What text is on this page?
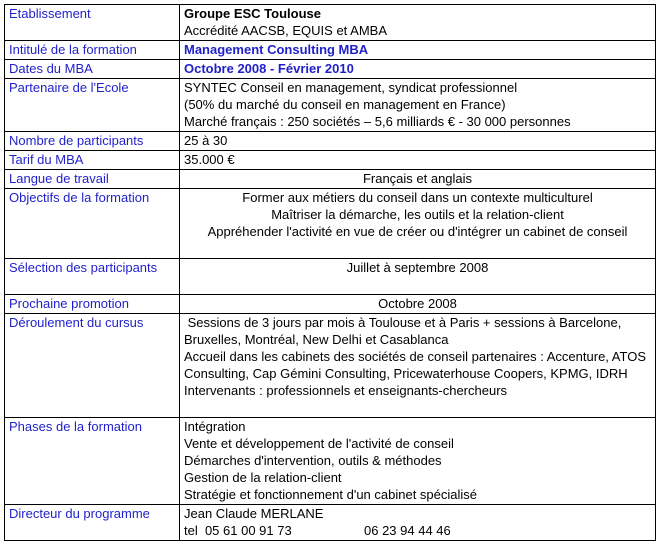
Etablissement	Groupe ESC Toulouse
Accrédité AACSB, EQUIS et AMBA

Intitulé de la formation	Management Consulting MBA
Dates du MBA	Octobre 2008 - Février 2010
Partenaire de l'Ecole	SYNTEC Conseil en management, syndicat professionnel
(50% du marché du conseil en management en France)
Marché français : 250 sociétés – 5,6 milliards € - 30 000 personnes

Nombre de participants	25 à 30
Tarif du MBA	35.000 €
Langue de travail	Français et anglais
Objectifs de la formation	Former aux métiers du conseil dans un contexte multiculturel
Maîtriser la démarche, les outils et la relation-client
Appréhender l'activité en vue de créer ou d'intégrer un cabinet de conseil

Sélection des participants	Juillet à septembre 2008
Prochaine promotion	Octobre 2008
Déroulement du cursus	Sessions de 3 jours par mois à Toulouse et à Paris + sessions à Barcelone, Bruxelles, Montréal, New Delhi et Casablanca
Accueil dans les cabinets des sociétés de conseil partenaires : Accenture, ATOS Consulting, Cap Gémini Consulting, Pricewaterhouse Coopers, KPMG, IDRH
Intervenants : professionnels et enseignants-chercheurs

Phases de la formation	Intégration
Vente et développement de l'activité de conseil
Démarches d'intervention, outils & méthodes
Gestion de la relation-client
Stratégie et fonctionnement d'un cabinet spécialisé

Directeur du programme	Jean Claude MERLANE
tel  05 61 00 91 73 06 23 94 44 46
